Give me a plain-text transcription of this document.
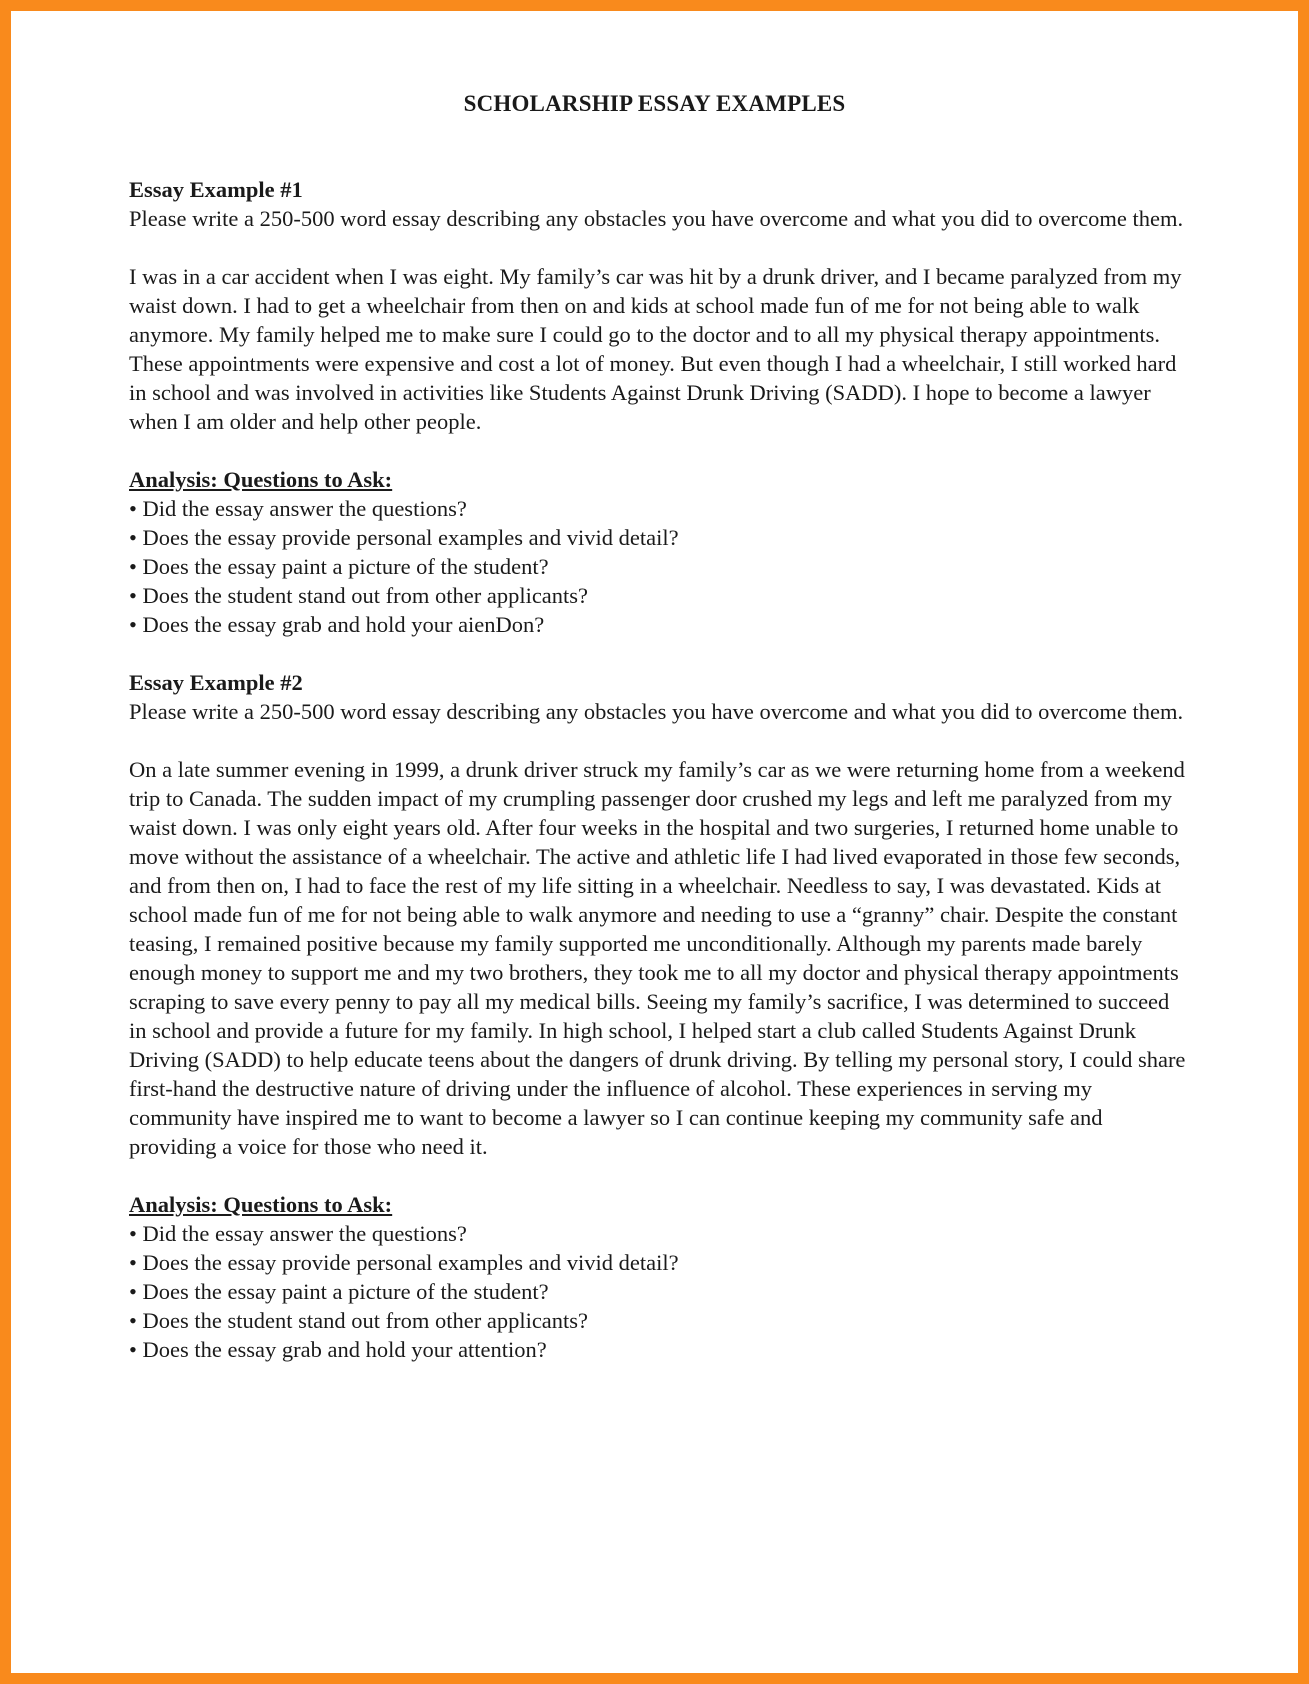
SCHOLARSHIP ESSAY EXAMPLES

Essay Example #1

Please write a 250-500 word essay describing any obstacles you have overcome and what you did to overcome them.

I was in a car accident when I was eight. My family’s car was hit by a drunk driver, and I became paralyzed from my waist down. I had to get a wheelchair from then on and kids at school made fun of me for not being able to walk anymore. My family helped me to make sure I could go to the doctor and to all my physical therapy appointments. These appointments were expensive and cost a lot of money. But even though I had a wheelchair, I still worked hard in school and was involved in activities like Students Against Drunk Driving (SADD). I hope to become a lawyer when I am older and help other people.

Analysis: Questions to Ask:

• Did the essay answer the questions?
• Does the essay provide personal examples and vivid detail?
• Does the essay paint a picture of the student?
• Does the student stand out from other applicants?
• Does the essay grab and hold your aienDon?

Essay Example #2

Please write a 250-500 word essay describing any obstacles you have overcome and what you did to overcome them.

On a late summer evening in 1999, a drunk driver struck my family’s car as we were returning home from a weekend trip to Canada. The sudden impact of my crumpling passenger door crushed my legs and left me paralyzed from my waist down. I was only eight years old. After four weeks in the hospital and two surgeries, I returned home unable to move without the assistance of a wheelchair. The active and athletic life I had lived evaporated in those few seconds, and from then on, I had to face the rest of my life sitting in a wheelchair. Needless to say, I was devastated. Kids at school made fun of me for not being able to walk anymore and needing to use a “granny” chair. Despite the constant teasing, I remained positive because my family supported me unconditionally. Although my parents made barely enough money to support me and my two brothers, they took me to all my doctor and physical therapy appointments scraping to save every penny to pay all my medical bills. Seeing my family’s sacrifice, I was determined to succeed in school and provide a future for my family. In high school, I helped start a club called Students Against Drunk Driving (SADD) to help educate teens about the dangers of drunk driving. By telling my personal story, I could share first-hand the destructive nature of driving under the influence of alcohol. These experiences in serving my community have inspired me to want to become a lawyer so I can continue keeping my community safe and providing a voice for those who need it.

Analysis: Questions to Ask:

• Did the essay answer the questions?
• Does the essay provide personal examples and vivid detail?
• Does the essay paint a picture of the student?
• Does the student stand out from other applicants?
• Does the essay grab and hold your attention?
